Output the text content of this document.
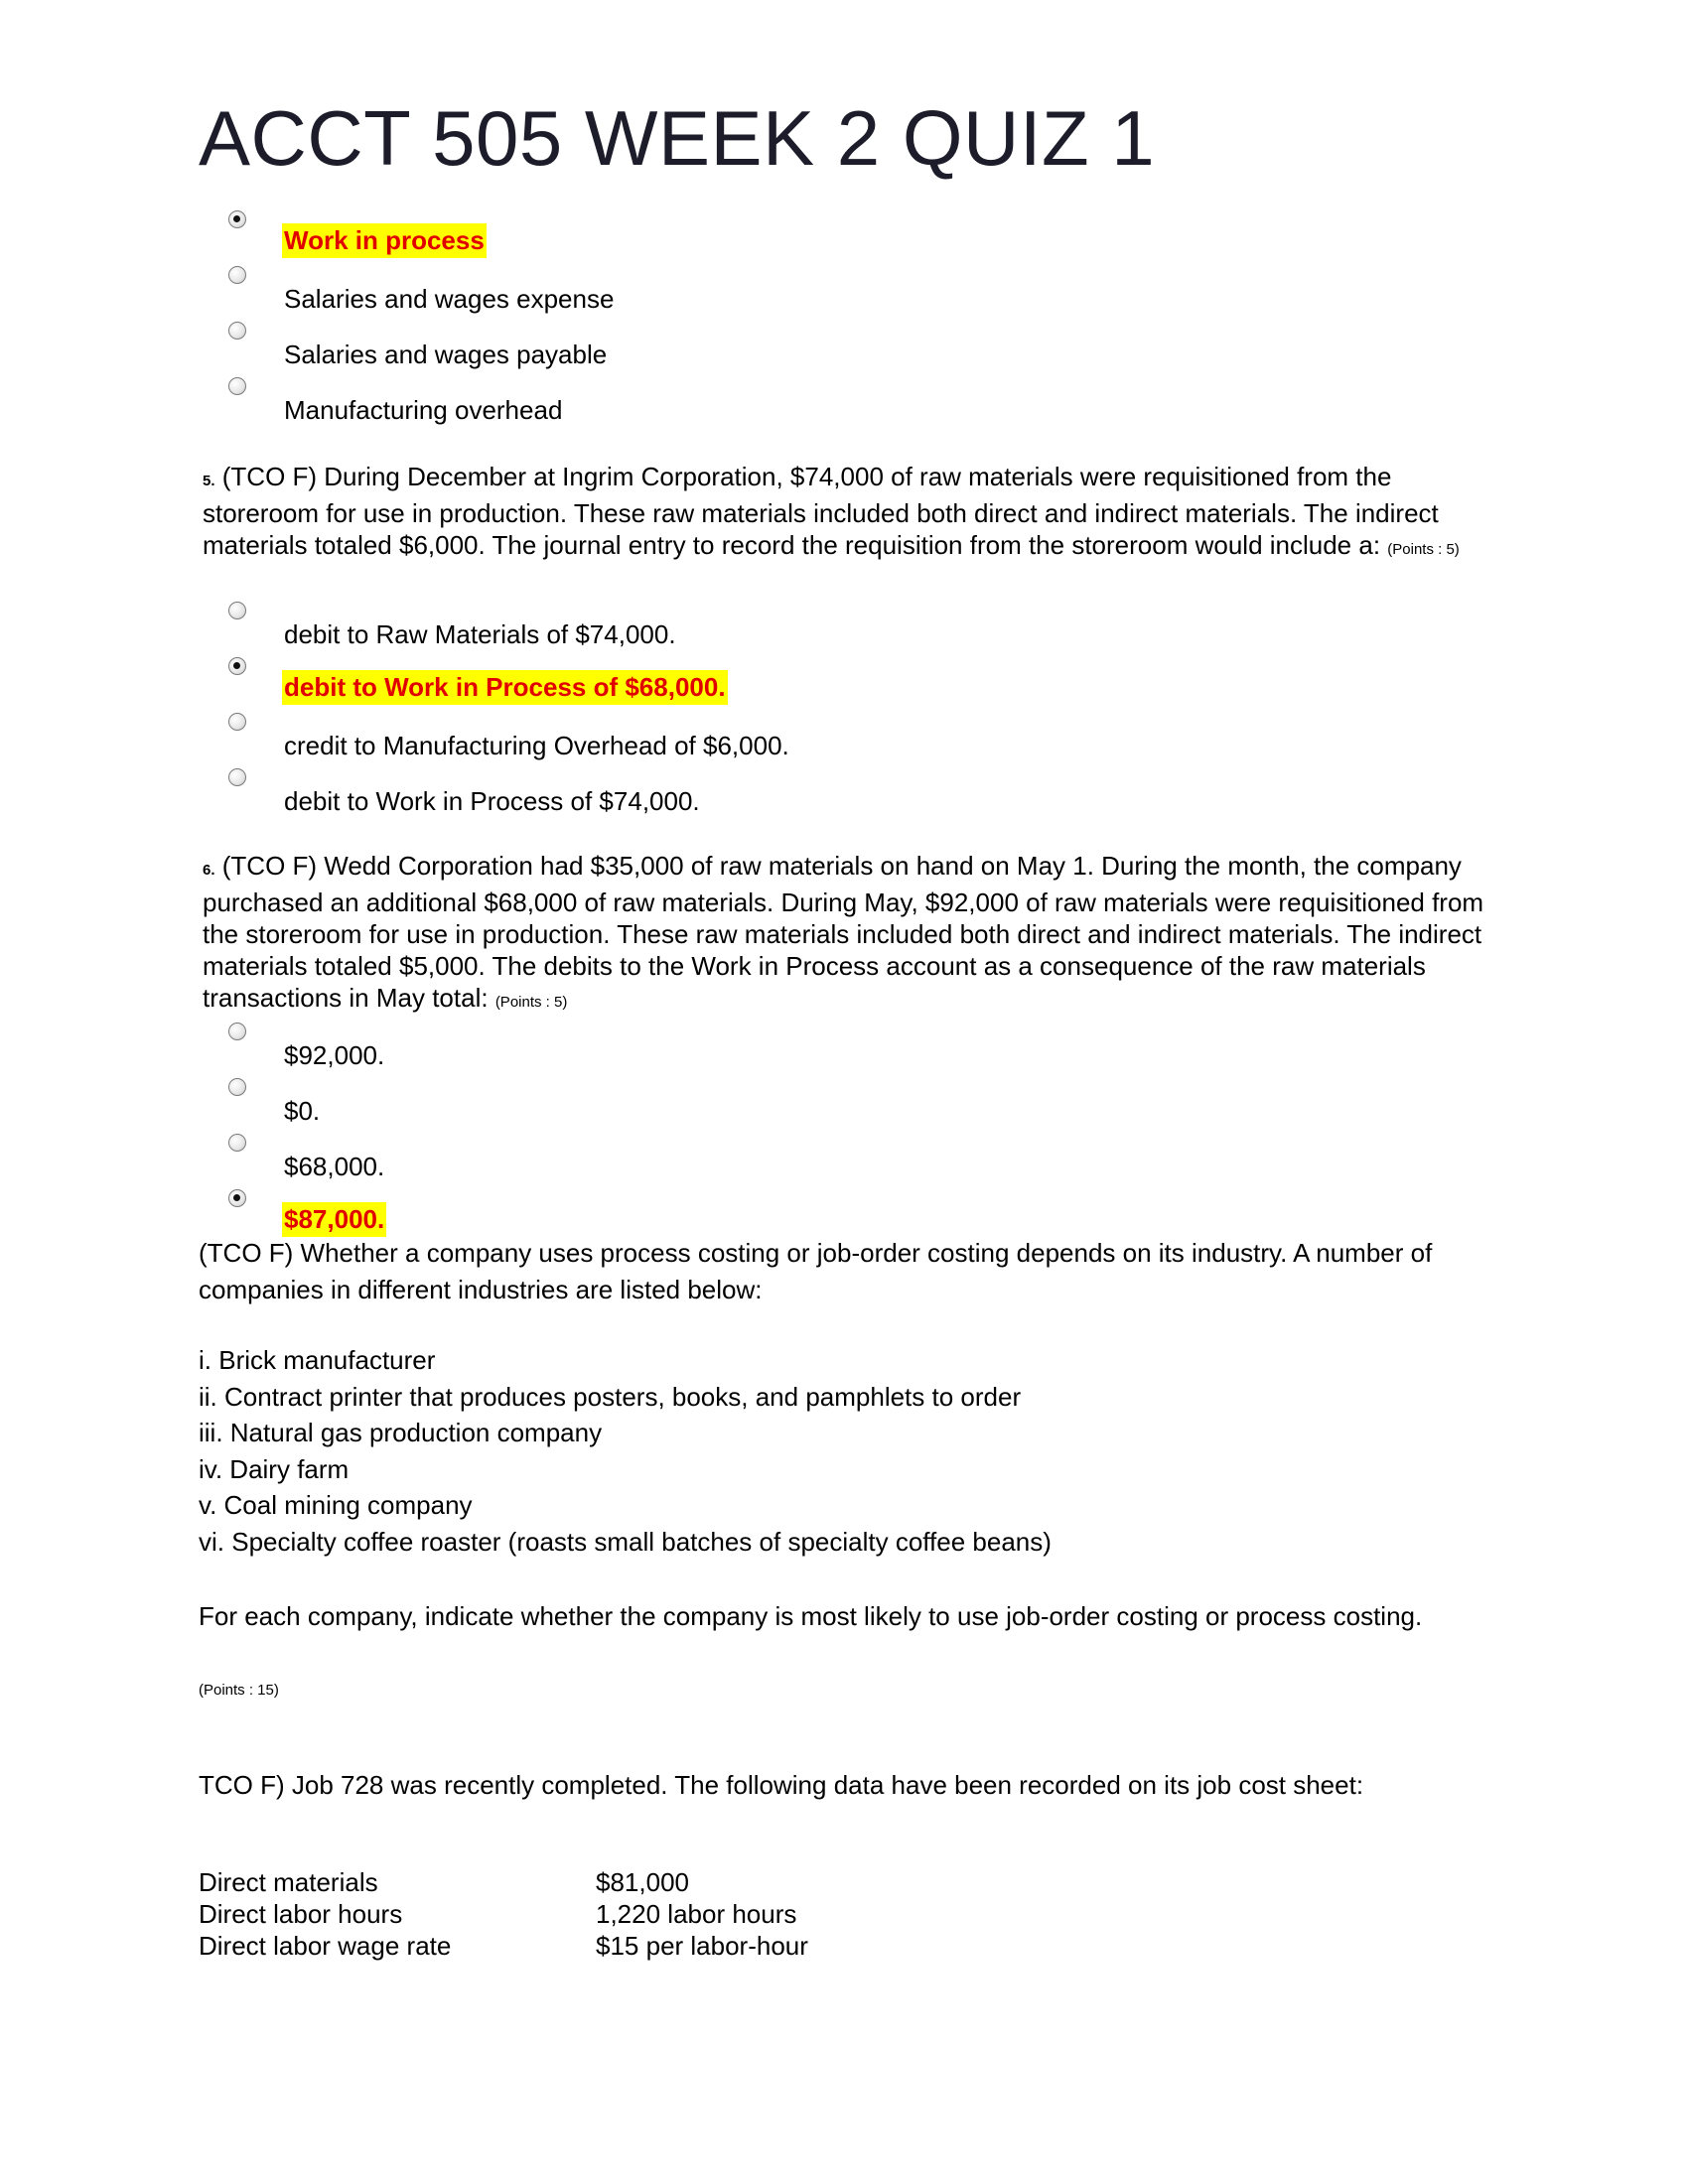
ACCT 505 WEEK 2 QUIZ 1
Work in process
Salaries and wages expense
Salaries and wages payable
Manufacturing overhead
5. (TCO F) During December at Ingrim Corporation, $74,000 of raw materials were requisitioned from the storeroom for use in production. These raw materials included both direct and indirect materials. The indirect materials totaled $6,000. The journal entry to record the requisition from the storeroom would include a: (Points : 5)
debit to Raw Materials of $74,000.
debit to Work in Process of $68,000.
credit to Manufacturing Overhead of $6,000.
debit to Work in Process of $74,000.
6. (TCO F) Wedd Corporation had $35,000 of raw materials on hand on May 1. During the month, the company purchased an additional $68,000 of raw materials. During May, $92,000 of raw materials were requisitioned from the storeroom for use in production. These raw materials included both direct and indirect materials. The indirect materials totaled $5,000. The debits to the Work in Process account as a consequence of the raw materials transactions in May total: (Points : 5)
$92,000.
$0.
$68,000.
$87,000.
(TCO F) Whether a company uses process costing or job-order costing depends on its industry. A number of companies in different industries are listed below:
i. Brick manufacturer
ii. Contract printer that produces posters, books, and pamphlets to order
iii. Natural gas production company
iv. Dairy farm
v. Coal mining company
vi. Specialty coffee roaster (roasts small batches of specialty coffee beans)
For each company, indicate whether the company is most likely to use job-order costing or process costing.
(Points : 15)
TCO F) Job 728 was recently completed. The following data have been recorded on its job cost sheet:
Direct materials	$81,000
Direct labor hours	1,220 labor hours
Direct labor wage rate	$15 per labor-hour
